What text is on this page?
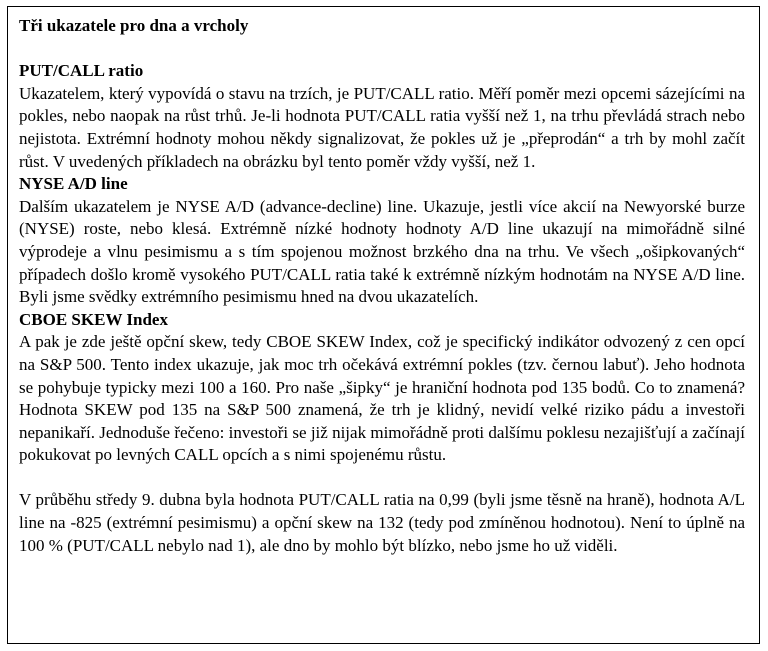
Tři ukazatele pro dna a vrcholy

PUT/CALL ratio

Ukazatelem, který vypovídá o stavu na trzích, je PUT/CALL ratio. Měří poměr mezi opcemi sázejícími na pokles, nebo naopak na růst trhů. Je-li hodnota PUT/CALL ratia vyšší než 1, na trhu převládá strach nebo nejistota. Extrémní hodnoty mohou někdy signalizovat, že pokles už je „přeprodán“ a trh by mohl začít růst. V uvedených příkladech na obrázku byl tento poměr vždy vyšší, než 1.

NYSE A/D line

Dalším ukazatelem je NYSE A/D (advance-decline) line. Ukazuje, jestli více akcií na Newyorské burze (NYSE) roste, nebo klesá. Extrémně nízké hodnoty hodnoty A/D line ukazují na mimořádně silné výprodeje a vlnu pesimismu a s tím spojenou možnost brzkého dna na trhu. Ve všech „ošipkovaných“ případech došlo kromě vysokého PUT/CALL ratia také k extrémně nízkým hodnotám na NYSE A/D line. Byli jsme svědky extrémního pesimismu hned na dvou ukazatelích.

CBOE SKEW Index

A pak je zde ještě opční skew, tedy CBOE SKEW Index, což je specifický indikátor odvozený z cen opcí na S&P 500. Tento index ukazuje, jak moc trh očekává extrémní pokles (tzv. černou labuť). Jeho hodnota se pohybuje typicky mezi 100 a 160. Pro naše „šipky“ je hraniční hodnota pod 135 bodů. Co to znamená? Hodnota SKEW pod 135 na S&P 500 znamená, že trh je klidný, nevidí velké riziko pádu a investoři nepanikaří. Jednoduše řečeno: investoři se již nijak mimořádně proti dalšímu poklesu nezajišťují a začínají pokukovat po levných CALL opcích a s nimi spojenému růstu.

V průběhu středy 9. dubna byla hodnota PUT/CALL ratia na 0,99 (byli jsme těsně na hraně), hodnota A/L line na -825 (extrémní pesimismu) a opční skew na 132 (tedy pod zmíněnou hodnotou). Není to úplně na 100 % (PUT/CALL nebylo nad 1), ale dno by mohlo být blízko, nebo jsme ho už viděli.
